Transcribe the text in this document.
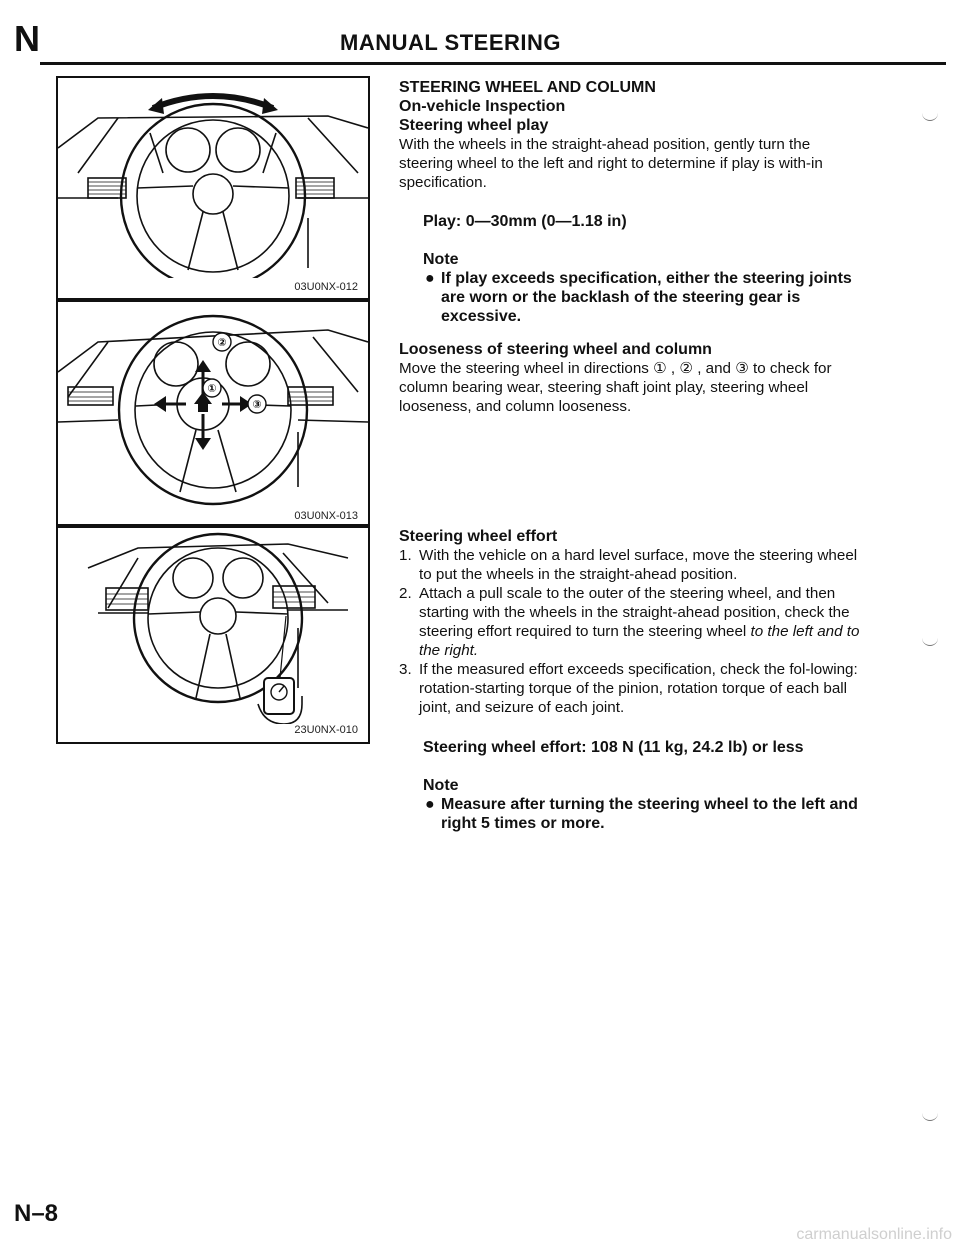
N	MANUAL STEERING
03U0NX-012
①
②
③
03U0NX-013
23U0NX-010
STEERING WHEEL AND COLUMN
On-vehicle Inspection
Steering wheel play
With the wheels in the straight-ahead position, gently turn the steering wheel to the left and right to determine if play is with-in specification.
Play: 0—30mm (0—1.18 in)
Note
● If play exceeds specification, either the steering joints are worn or the backlash of the steering gear is excessive.
Looseness of steering wheel and column
Move the steering wheel in directions ① , ② , and ③ to check for column bearing wear, steering shaft joint play, steering wheel looseness, and column looseness.
Steering wheel effort
1. With the vehicle on a hard level surface, move the steering wheel to put the wheels in the straight-ahead position.
2. Attach a pull scale to the outer of the steering wheel, and then starting with the wheels in the straight-ahead position, check the steering effort required to turn the steering wheel to the left and to the right.
3. If the measured effort exceeds specification, check the fol-lowing: rotation-starting torque of the pinion, rotation torque of each ball joint, and seizure of each joint.
Steering wheel effort: 108 N (11 kg, 24.2 lb) or less
Note
● Measure after turning the steering wheel to the left and right 5 times or more.
N–8
carmanualsonline.info
